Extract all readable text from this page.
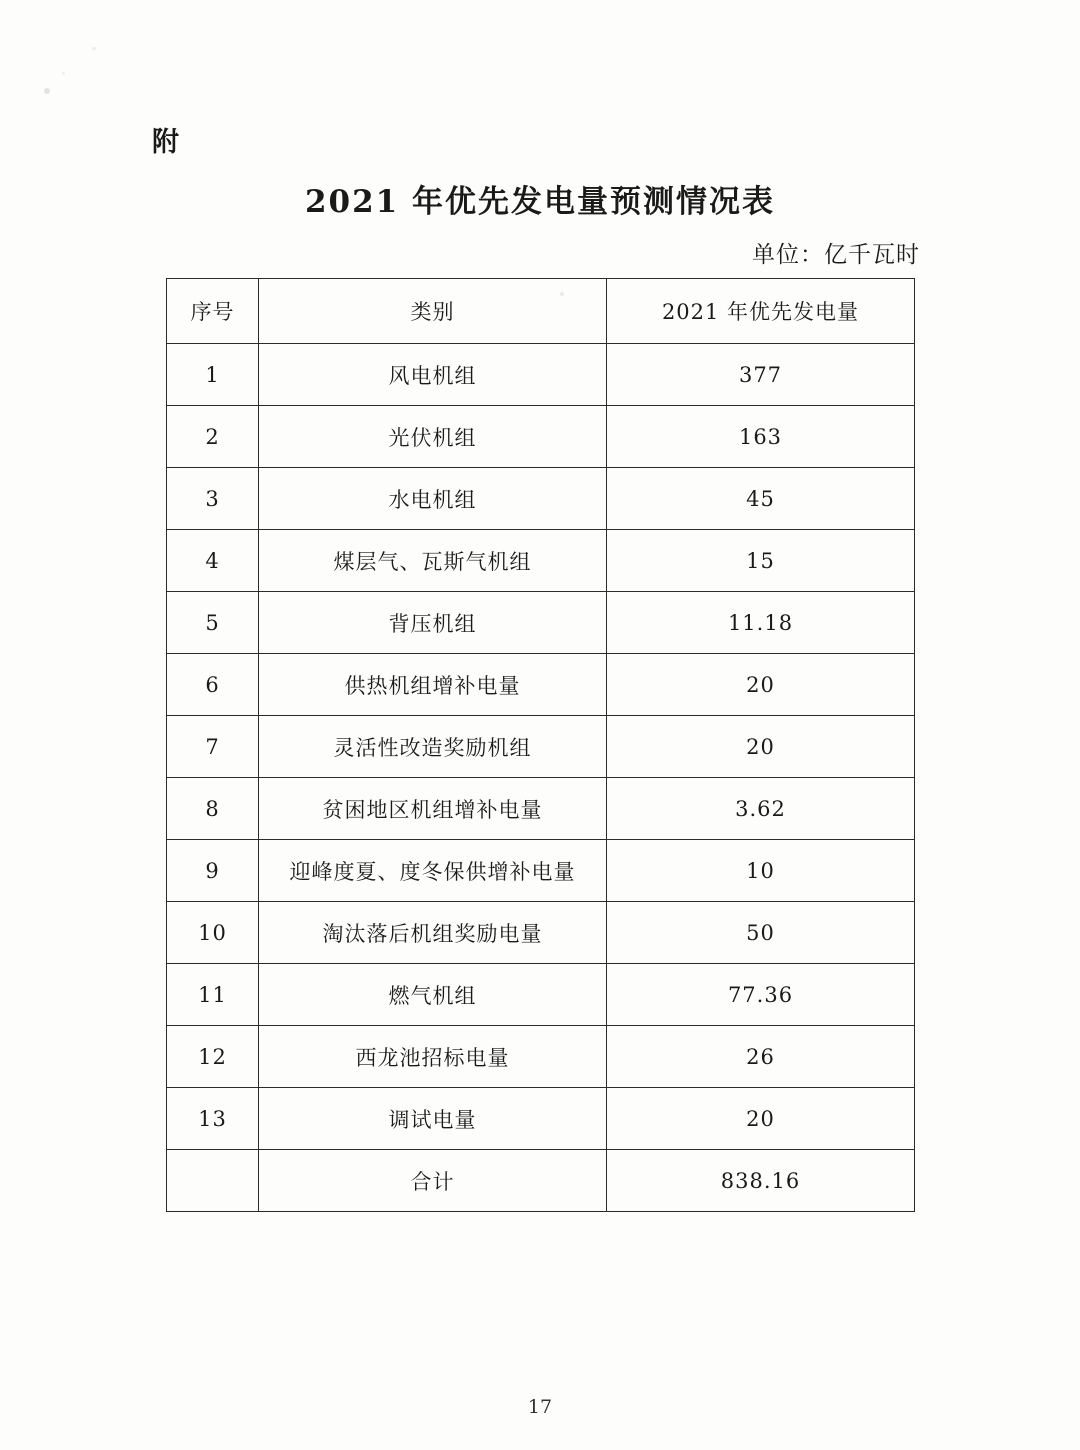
附
2021 年优先发电量预测情况表
单位：亿千瓦时
序号	类别	2021 年优先发电量
1	风电机组	377
2	光伏机组	163
3	水电机组	45
4	煤层气、瓦斯气机组	15
5	背压机组	11.18
6	供热机组增补电量	20
7	灵活性改造奖励机组	20
8	贫困地区机组增补电量	3.62
9	迎峰度夏、度冬保供增补电量	10
10	淘汰落后机组奖励电量	50
11	燃气机组	77.36
12	西龙池招标电量	26
13	调试电量	20
	合计	838.16
17
